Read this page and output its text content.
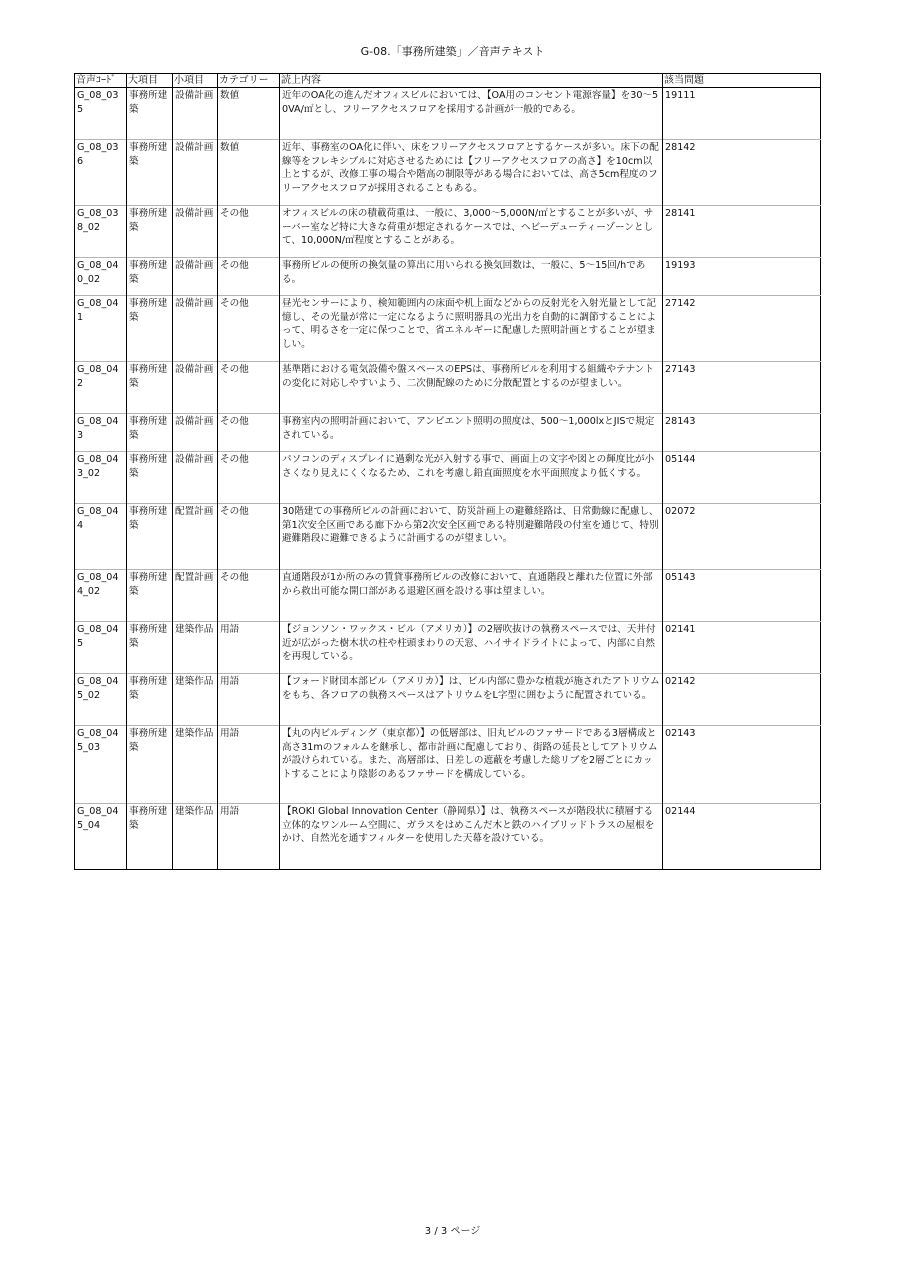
G-08.「事務所建築」／音声テキスト
音声ｺｰﾄﾞ	大項目	小項目	カテゴリー	読上内容	該当問題
G_08_035	事務所建築	設備計画	数値	近年のOA化の進んだオフィスビルにおいては、【OA用のコンセント電源容量】を30～50VA/㎡とし、フリーアクセスフロアを採用する計画が一般的である。	19111
G_08_036	事務所建築	設備計画	数値	近年、事務室のOA化に伴い、床をフリーアクセスフロアとするケースが多い。床下の配線等をフレキシブルに対応させるためには【フリーアクセスフロアの高さ】を10cm以上とするが、改修工事の場合や階高の制限等がある場合においては、高さ5cm程度のフリーアクセスフロアが採用されることもある。	28142
G_08_038_02	事務所建築	設備計画	その他	オフィスビルの床の積載荷重は、一般に、3,000～5,000N/㎡とすることが多いが、サーバー室など特に大きな荷重が想定されるケースでは、ヘビーデューティーゾーンとして、10,000N/㎡程度とすることがある。	28141
G_08_040_02	事務所建築	設備計画	その他	事務所ビルの便所の換気量の算出に用いられる換気回数は、一般に、5～15回/hである。	19193
G_08_041	事務所建築	設備計画	その他	昼光センサーにより、検知範囲内の床面や机上面などからの反射光を入射光量として記憶し、その光量が常に一定になるように照明器具の光出力を自動的に調節することによって、明るさを一定に保つことで、省エネルギーに配慮した照明計画とすることが望ましい。	27142
G_08_042	事務所建築	設備計画	その他	基準階における電気設備や盤スペースのEPSは、事務所ビルを利用する組織やテナントの変化に対応しやすいよう、二次側配線のために分散配置とするのが望ましい。	27143
G_08_043	事務所建築	設備計画	その他	事務室内の照明計画において、アンビエント照明の照度は、500～1,000lxとJISで規定されている。	28143
G_08_043_02	事務所建築	設備計画	その他	パソコンのディスプレイに過剰な光が入射する事で、画面上の文字や図との輝度比が小さくなり見えにくくなるため、これを考慮し鉛直面照度を水平面照度より低くする。	05144
G_08_044	事務所建築	配置計画	その他	30階建ての事務所ビルの計画において、防災計画上の避難経路は、日常動線に配慮し、第1次安全区画である廊下から第2次安全区画である特別避難階段の付室を通じて、特別避難階段に避難できるように計画するのが望ましい。	02072
G_08_044_02	事務所建築	配置計画	その他	直通階段が1か所のみの賃貸事務所ビルの改修において、直通階段と離れた位置に外部から救出可能な開口部がある退避区画を設ける事は望ましい。	05143
G_08_045	事務所建築	建築作品	用語	【ジョンソン・ワックス・ビル（アメリカ）】の2層吹抜けの執務スペースでは、天井付近が広がった樹木状の柱や柱頭まわりの天窓、ハイサイドライトによって、内部に自然を再現している。	02141
G_08_045_02	事務所建築	建築作品	用語	【フォード財団本部ビル（アメリカ）】は、ビル内部に豊かな植栽が施されたアトリウムをもち、各フロアの執務スペースはアトリウムをL字型に囲むように配置されている。	02142
G_08_045_03	事務所建築	建築作品	用語	【丸の内ビルディング（東京都）】の低層部は、旧丸ビルのファサードである3層構成と高さ31mのフォルムを継承し、都市計画に配慮しており、街路の延長としてアトリウムが設けられている。また、高層部は、日差しの遮蔽を考慮した総リブを2層ごとにカットすることにより陰影のあるファサードを構成している。	02143
G_08_045_04	事務所建築	建築作品	用語	【ROKI Global Innovation Center（静岡県）】は、執務スペースが階段状に積層する立体的なワンルーム空間に、ガラスをはめこんだ木と鉄のハイブリッドトラスの屋根をかけ、自然光を通すフィルターを使用した天幕を設けている。	02144
3 / 3 ページ
